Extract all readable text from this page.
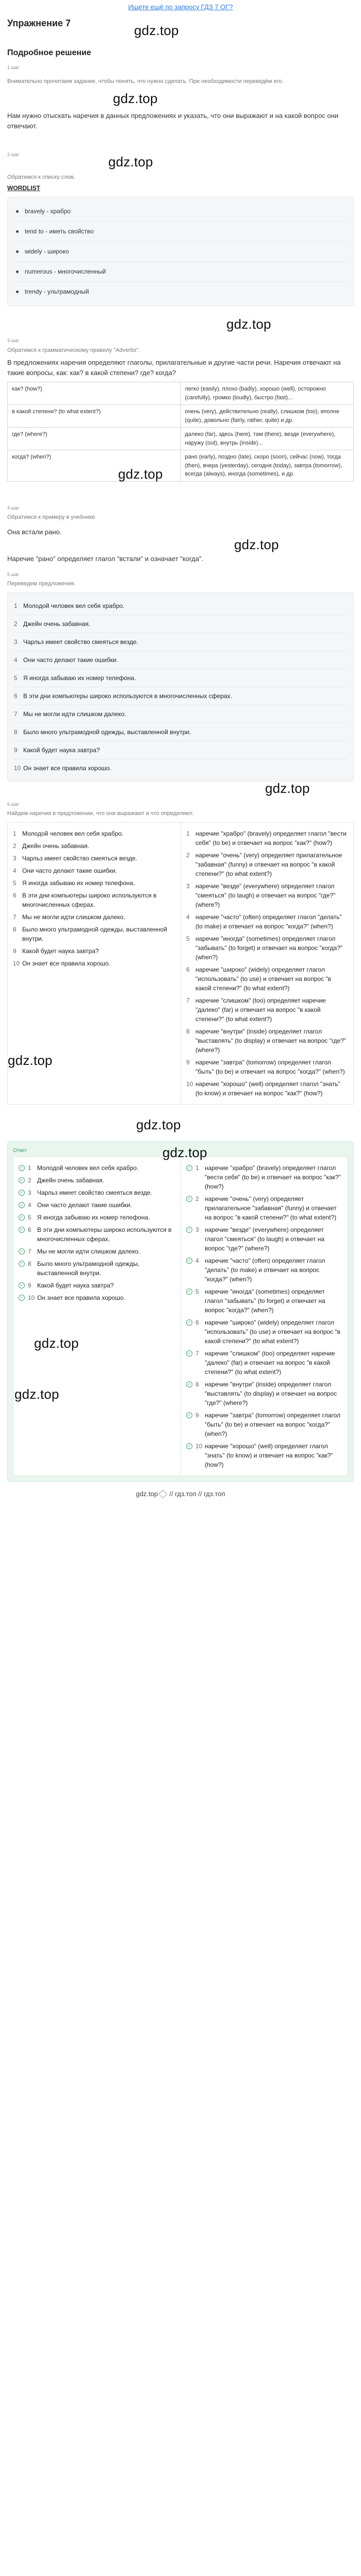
Ищете ещё по запросу ГДЗ 7 ОГ?
Упражнение 7	gdz.top
Подробное решение
1 шаг

Внимательно прочитаем задание, чтобы понять, что нужно сделать. При необходимости переведём его.

gdz.top
Нам нужно отыскать наречия в данных предложениях и указать, что они выражают и на какой вопрос они отвечают.
2 шаг	gdz.top
Обратимся к списку слов.
WORDLIST
bravely - храбро
tend to - иметь свойство
widely - широко
numerous - многочисленный
trendy - ультрамодный
gdz.top
3 шаг
Обратимся к грамматическому правилу "Adverbs".
В предложениях наречия определяют глаголы, прилагательные и другие части речи. Наречия отвечают на такие вопросы, как: как? в какой степени? где? когда?
как? (how?)	легко (easily), плохо (badly), хорошо (well), осторожно (carefully), громко (loudly), быстро (fast)...
в какой степени? (to what extent?)	очень (very), действительно (really), слишком (too), вполне (quite), довольно (fairly, rather, quite) и др.
где? (where?)	далеко (far), здесь (here), там (there), везде (everywhere), наружу (out), внутрь (inside)...
когда? (when?)	рано (early), поздно (late), скоро (soon), сейчас (now), тогда (then), вчера (yesterday), сегодня (today), завтра (tomorrow), всегда (always), иногда (sometimes), и др.
gdz.top
4 шаг
Обратимся к примеру в учебнике.
Она встали рано.
gdz.top
Наречие "рано" определяет глагол "встали" и означает "когда".
5 шаг
Переведем предложения.
1 Молодой человек вел себя храбро.
2 Джейн очень забавная.
3 Чарльз имеет свойство смеяться везде.
4 Они часто делают такие ошибки.
5 Я иногда забываю их номер телефона.
6 В эти дни компьютеры широко используются в многочисленных сферах.
7 Мы не могли идти слишком далеко.
8 Было много ультрамодной одежды, выставленной внутри.
9 Какой будет наука завтра?
10 Он знает все правила хорошо.
gdz.top
6 шаг
Найдем наречия в предложении, что они выражают и что определяют.
1 Молодой человек вел себя храбро.
2 Джейн очень забавная.
3 Чарльз имеет свойство смеяться везде.
4 Они часто делают такие ошибки.
5 Я иногда забываю их номер телефона.
6 В эти дни компьютеры широко используются в многочисленных сферах.
7 Мы не могли идти слишком далеко.
8 Было много ультрамодной одежды, выставленной внутри.
9 Какой будет наука завтра?
10 Он знает все правила хорошо.
gdz.top
1 наречие "храбро" (bravely) определяет глагол "вести себя" (to be) и отвечает на вопрос "как?" (how?)
2 наречие "очень" (very) определяет прилагательное "забавная" (funny) и отвечает на вопрос "в какой степени?" (to what extent?)
3 наречие "везде" (everywhere) определяет глагол "смеяться" (to laugh) и отвечает на вопрос "где?" (where?)
4 наречие "часто" (often) определяет глагол "делать" (to make) и отвечает на вопрос "когда?" (when?)
5 наречие "иногда" (sometimes) определяет глагол "забывать" (to forget) и отвечает на вопрос "когда?" (when?)
6 наречие "широко" (widely) определяет глагол "использовать" (to use) и отвечает на вопрос "в какой степени?" (to what extent?)
7 наречие "слишком" (too) определяет наречие "далеко" (far) и отвечает на вопрос "в какой степени?" (to what extent?)
8 наречие "внутри" (inside) определяет глагол "выставлять" (to display) и отвечает на вопрос "где?" (where?)
9 наречие "завтра" (tomorrow) определяет глагол "быть" (to be) и отвечает на вопрос "когда?" (when?)
10 наречие "хорошо" (well) определяет глагол "знать" (to know) и отвечает на вопрос "как?" (how?)
gdz.top
Ответ	gdz.top
✓ 1 Молодой человек вел себя храбро.
✓ 2 Джейн очень забавная.
✓ 3 Чарльз имеет свойство смеяться везде.
✓ 4 Они часто делают такие ошибки.
✓ 5 Я иногда забываю их номер телефона.
✓ 6 В эти дни компьютеры широко используются в многочисленных сферах.
✓ 7 Мы не могли идти слишком далеко.
✓ 8 Было много ультрамодной одежды, выставленной внутри.
✓ 9 Какой будет наука завтра?
✓ 10 Он знает все правила хорошо.
gdz.top
gdz.top
✓ 1 наречие "храбро" (bravely) определяет глагол "вести себя" (to be) и отвечает на вопрос "как?" (how?)
✓ 2 наречие "очень" (very) определяет прилагательное "забавная" (funny) и отвечает на вопрос "в какой степени?" (to what extent?)
✓ 3 наречие "везде" (everywhere) определяет глагол "смеяться" (to laugh) и отвечает на вопрос "где?" (where?)
✓ 4 наречие "часто" (often) определяет глагол "делать" (to make) и отвечает на вопрос "когда?" (when?)
✓ 5 наречие "иногда" (sometimes) определяет глагол "забывать" (to forget) и отвечает на вопрос "когда?" (when?)
✓ 6 наречие "широко" (widely) определяет глагол "использовать" (to use) и отвечает на вопрос "в какой степени?" (to what extent?)
✓ 7 наречие "слишком" (too) определяет наречие "далеко" (far) и отвечает на вопрос "в какой степени?" (to what extent?)
✓ 8 наречие "внутри" (inside) определяет глагол "выставлять" (to display) и отвечает на вопрос "где?" (where?)
✓ 9 наречие "завтра" (tomorrow) определяет глагол "быть" (to be) и отвечает на вопрос "когда?" (when?)
✓ 10 наречие "хорошо" (well) определяет глагол "знать" (to know) и отвечает на вопрос "как?" (how?)
gdz.top // гдз.топ // гдз.топ
